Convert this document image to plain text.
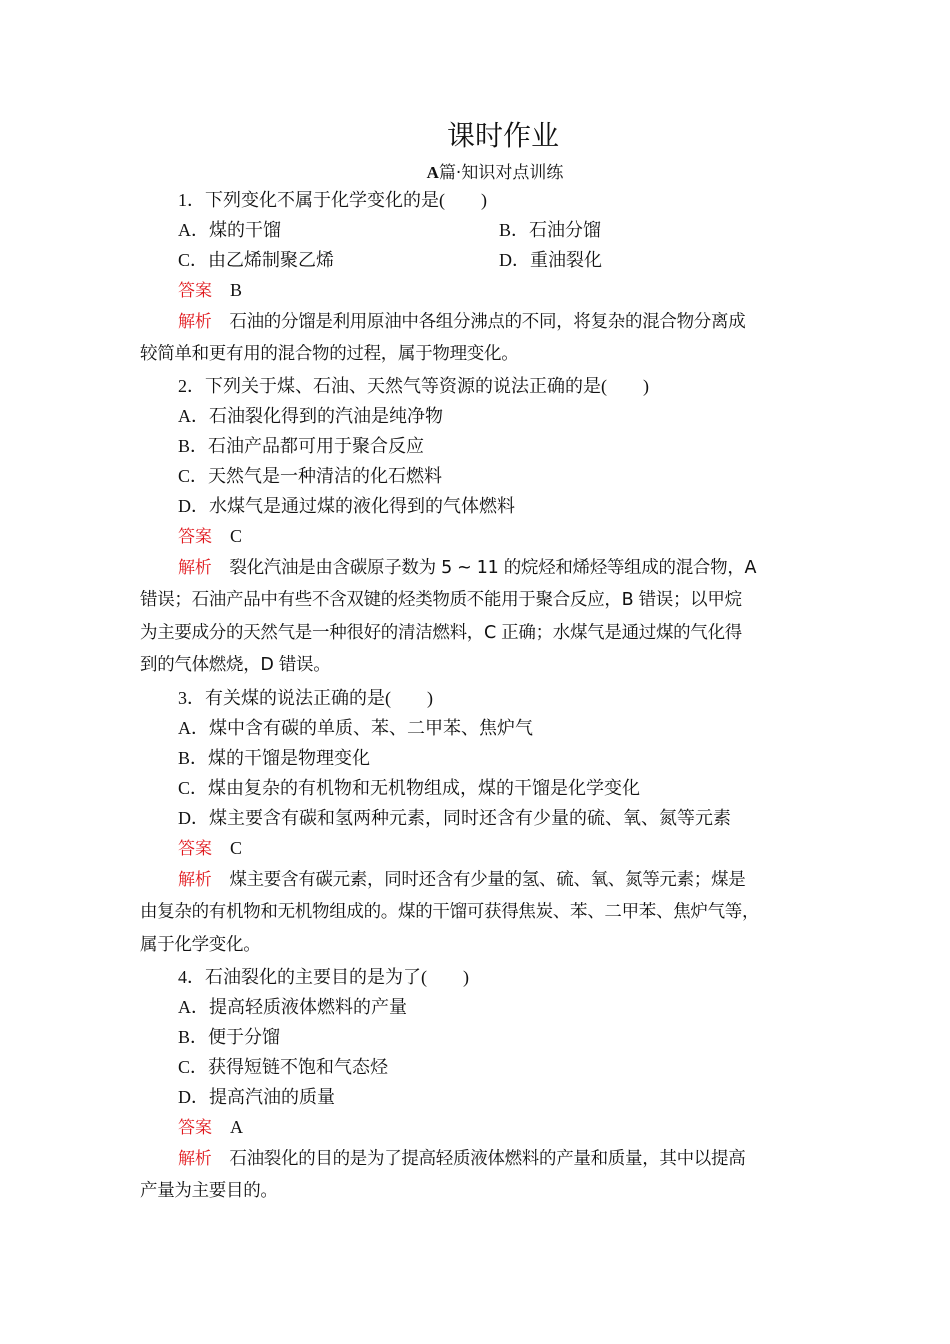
课时作业
A篇·知识对点训练
1．下列变化不属于化学变化的是(　　)
A．煤的干馏	B．石油分馏
C．由乙烯制聚乙烯	D．重油裂化
答案 B
解析 石油的分馏是利用原油中各组分沸点的不同，将复杂的混合物分离成
较简单和更有用的混合物的过程，属于物理变化。
2．下列关于煤、石油、天然气等资源的说法正确的是(　　)
A．石油裂化得到的汽油是纯净物
B．石油产品都可用于聚合反应
C．天然气是一种清洁的化石燃料
D．水煤气是通过煤的液化得到的气体燃料
答案 C
解析 裂化汽油是由含碳原子数为 5 ~ 11 的烷烃和烯烃等组成的混合物，A
错误；石油产品中有些不含双键的烃类物质不能用于聚合反应，B 错误；以甲烷
为主要成分的天然气是一种很好的清洁燃料，C 正确；水煤气是通过煤的气化得
到的气体燃烧，D 错误。
3．有关煤的说法正确的是(　　)
A．煤中含有碳的单质、苯、二甲苯、焦炉气
B．煤的干馏是物理变化
C．煤由复杂的有机物和无机物组成，煤的干馏是化学变化
D．煤主要含有碳和氢两种元素，同时还含有少量的硫、氧、氮等元素
答案 C
解析 煤主要含有碳元素，同时还含有少量的氢、硫、氧、氮等元素；煤是
由复杂的有机物和无机物组成的。煤的干馏可获得焦炭、苯、二甲苯、焦炉气等，
属于化学变化。
4．石油裂化的主要目的是为了(　　)
A．提高轻质液体燃料的产量
B．便于分馏
C．获得短链不饱和气态烃
D．提高汽油的质量
答案 A
解析 石油裂化的目的是为了提高轻质液体燃料的产量和质量，其中以提高
产量为主要目的。
